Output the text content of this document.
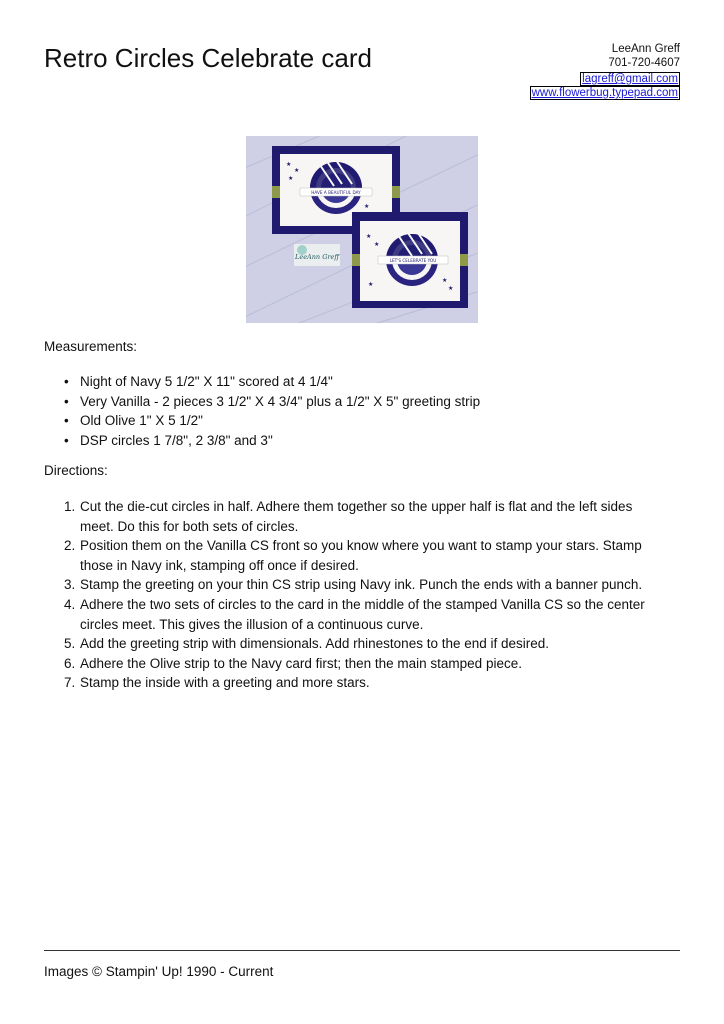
Retro Circles Celebrate card	LeeAnn Greff
701-720-4607
lagreff@gmail.com
www.flowerbug.typepad.com
★
★
★
★
HAVE A BEAUTIFUL DAY
★
★
★
★
★
LET'S CELEBRATE YOU
LeeAnn Greff
Measurements:
• Night of Navy 5 1/2" X 11" scored at 4 1/4"
• Very Vanilla - 2 pieces 3 1/2" X 4 3/4" plus a 1/2" X 5" greeting strip
• Old Olive 1" X 5 1/2"
• DSP circles 1 7/8", 2 3/8" and 3"
Directions:
1. Cut the die-cut circles in half. Adhere them together so the upper half is flat and the left sides meet. Do this for both sets of circles.
2. Position them on the Vanilla CS front so you know where you want to stamp your stars. Stamp those in Navy ink, stamping off once if desired.
3. Stamp the greeting on your thin CS strip using Navy ink. Punch the ends with a banner punch.
4. Adhere the two sets of circles to the card in the middle of the stamped Vanilla CS so the center circles meet. This gives the illusion of a continuous curve.
5. Add the greeting strip with dimensionals. Add rhinestones to the end if desired.
6. Adhere the Olive strip to the Navy card first; then the main stamped piece.
7. Stamp the inside with a greeting and more stars.
Images © Stampin' Up! 1990 - Current
